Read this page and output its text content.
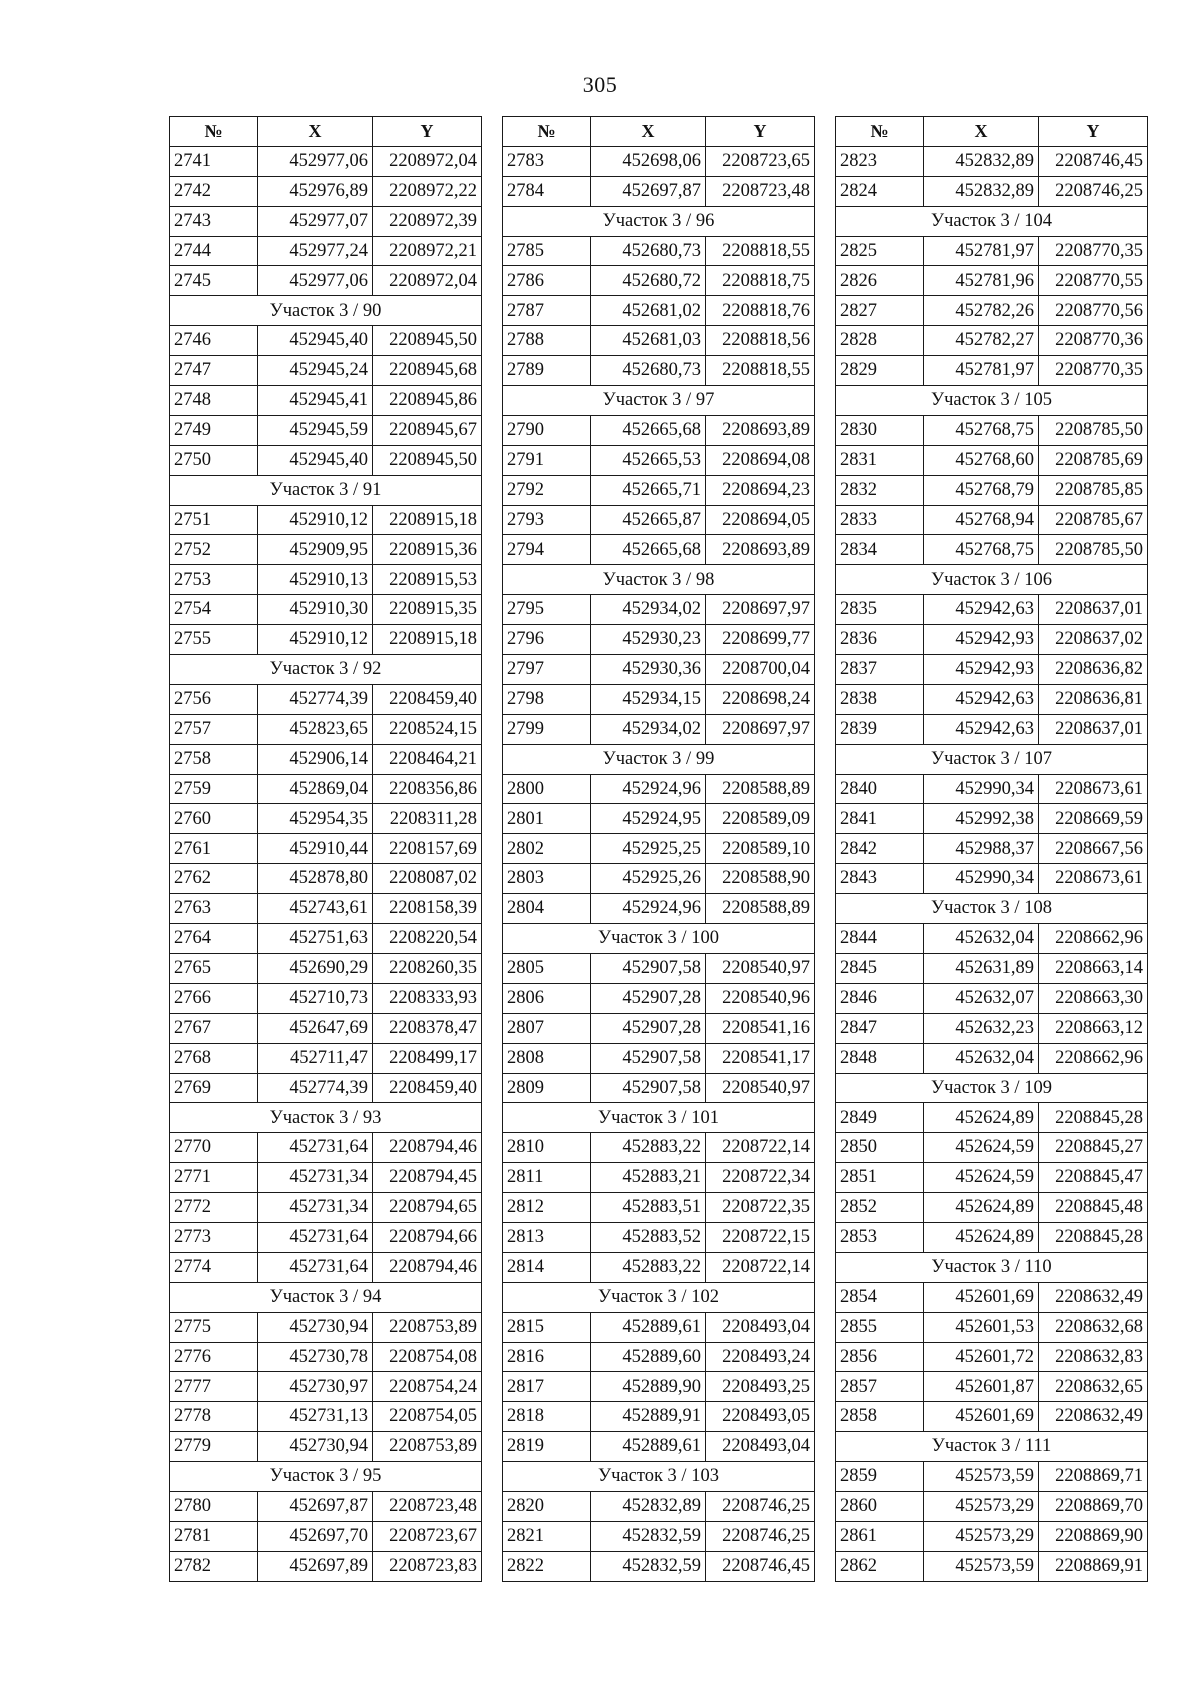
305
№	X	Y
2741	452977,06	2208972,04
2742	452976,89	2208972,22
2743	452977,07	2208972,39
2744	452977,24	2208972,21
2745	452977,06	2208972,04
Участок 3 / 90		
2746	452945,40	2208945,50
2747	452945,24	2208945,68
2748	452945,41	2208945,86
2749	452945,59	2208945,67
2750	452945,40	2208945,50
Участок 3 / 91		
2751	452910,12	2208915,18
2752	452909,95	2208915,36
2753	452910,13	2208915,53
2754	452910,30	2208915,35
2755	452910,12	2208915,18
Участок 3 / 92		
2756	452774,39	2208459,40
2757	452823,65	2208524,15
2758	452906,14	2208464,21
2759	452869,04	2208356,86
2760	452954,35	2208311,28
2761	452910,44	2208157,69
2762	452878,80	2208087,02
2763	452743,61	2208158,39
2764	452751,63	2208220,54
2765	452690,29	2208260,35
2766	452710,73	2208333,93
2767	452647,69	2208378,47
2768	452711,47	2208499,17
2769	452774,39	2208459,40
Участок 3 / 93		
2770	452731,64	2208794,46
2771	452731,34	2208794,45
2772	452731,34	2208794,65
2773	452731,64	2208794,66
2774	452731,64	2208794,46
Участок 3 / 94		
2775	452730,94	2208753,89
2776	452730,78	2208754,08
2777	452730,97	2208754,24
2778	452731,13	2208754,05
2779	452730,94	2208753,89
Участок 3 / 95		
2780	452697,87	2208723,48
2781	452697,70	2208723,67
2782	452697,89	2208723,83
№	X	Y
2783	452698,06	2208723,65
2784	452697,87	2208723,48
Участок 3 / 96		
2785	452680,73	2208818,55
2786	452680,72	2208818,75
2787	452681,02	2208818,76
2788	452681,03	2208818,56
2789	452680,73	2208818,55
Участок 3 / 97		
2790	452665,68	2208693,89
2791	452665,53	2208694,08
2792	452665,71	2208694,23
2793	452665,87	2208694,05
2794	452665,68	2208693,89
Участок 3 / 98		
2795	452934,02	2208697,97
2796	452930,23	2208699,77
2797	452930,36	2208700,04
2798	452934,15	2208698,24
2799	452934,02	2208697,97
Участок 3 / 99		
2800	452924,96	2208588,89
2801	452924,95	2208589,09
2802	452925,25	2208589,10
2803	452925,26	2208588,90
2804	452924,96	2208588,89
Участок 3 / 100		
2805	452907,58	2208540,97
2806	452907,28	2208540,96
2807	452907,28	2208541,16
2808	452907,58	2208541,17
2809	452907,58	2208540,97
Участок 3 / 101		
2810	452883,22	2208722,14
2811	452883,21	2208722,34
2812	452883,51	2208722,35
2813	452883,52	2208722,15
2814	452883,22	2208722,14
Участок 3 / 102		
2815	452889,61	2208493,04
2816	452889,60	2208493,24
2817	452889,90	2208493,25
2818	452889,91	2208493,05
2819	452889,61	2208493,04
Участок 3 / 103		
2820	452832,89	2208746,25
2821	452832,59	2208746,25
2822	452832,59	2208746,45
№	X	Y
2823	452832,89	2208746,45
2824	452832,89	2208746,25
Участок 3 / 104		
2825	452781,97	2208770,35
2826	452781,96	2208770,55
2827	452782,26	2208770,56
2828	452782,27	2208770,36
2829	452781,97	2208770,35
Участок 3 / 105		
2830	452768,75	2208785,50
2831	452768,60	2208785,69
2832	452768,79	2208785,85
2833	452768,94	2208785,67
2834	452768,75	2208785,50
Участок 3 / 106		
2835	452942,63	2208637,01
2836	452942,93	2208637,02
2837	452942,93	2208636,82
2838	452942,63	2208636,81
2839	452942,63	2208637,01
Участок 3 / 107		
2840	452990,34	2208673,61
2841	452992,38	2208669,59
2842	452988,37	2208667,56
2843	452990,34	2208673,61
Участок 3 / 108		
2844	452632,04	2208662,96
2845	452631,89	2208663,14
2846	452632,07	2208663,30
2847	452632,23	2208663,12
2848	452632,04	2208662,96
Участок 3 / 109		
2849	452624,89	2208845,28
2850	452624,59	2208845,27
2851	452624,59	2208845,47
2852	452624,89	2208845,48
2853	452624,89	2208845,28
Участок 3 / 110		
2854	452601,69	2208632,49
2855	452601,53	2208632,68
2856	452601,72	2208632,83
2857	452601,87	2208632,65
2858	452601,69	2208632,49
Участок 3 / 111		
2859	452573,59	2208869,71
2860	452573,29	2208869,70
2861	452573,29	2208869,90
2862	452573,59	2208869,91
